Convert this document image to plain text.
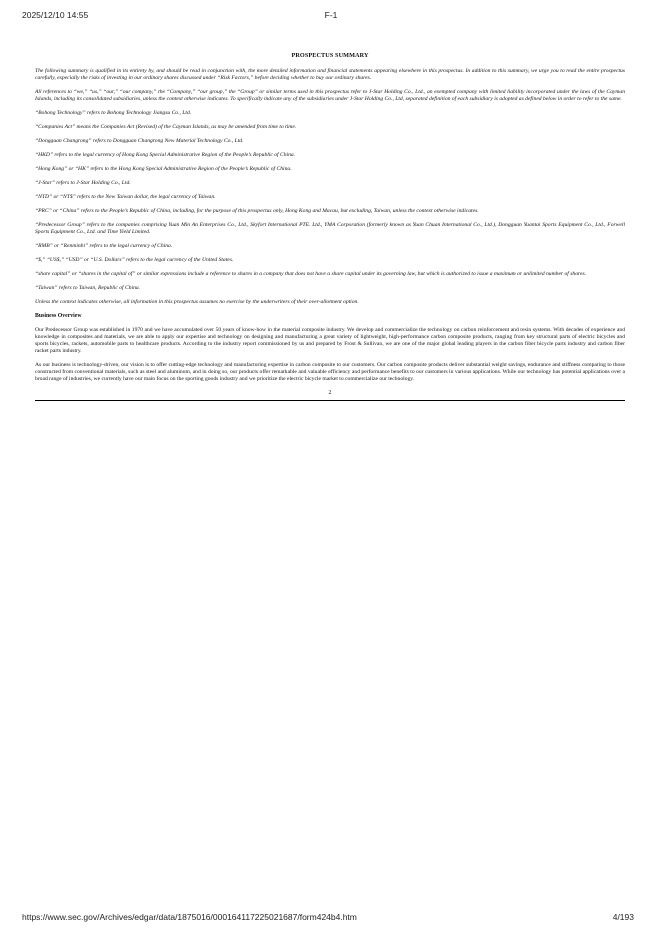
2025/12/10 14:55	F-1
PROSPECTUS SUMMARY

The following summary is qualified in its entirety by, and should be read in conjunction with, the more detailed information and financial statements appearing elsewhere in this prospectus. In addition to this summary, we urge you to read the entire prospectus carefully, especially the risks of investing in our ordinary shares discussed under “Risk Factors,” before deciding whether to buy our ordinary shares.

All references to “we,” “us,” “our,” “our company,” the “Company,” “our group,” the “Group” or similar terms used in this prospectus refer to J-Star Holding Co., Ltd., an exempted company with limited liability incorporated under the laws of the Cayman Islands, including its consolidated subsidiaries, unless the context otherwise indicates. To specifically indicate any of the subsidiaries under J-Star Holding Co., Ltd, separated definition of each subsidiary is adopted as defined below in order to refer to the same.

“Bohong Technology” refers to Bohong Technology Jiangsu Co., Ltd.

“Companies Act” means the Companies Act (Revised) of the Cayman Islands, as may be amended from time to time.

“Dongguan Changrong” refers to Dongguan Changrong New Material Technology Co., Ltd.

“HKD” refers to the legal currency of Hong Kong Special Administrative Region of the People’s Republic of China.

“Hong Kong” or “HK” refers to the Hong Kong Special Administrative Region of the People’s Republic of China.

“J-Star” refers to J-Star Holding Co., Ltd.

“NTD” or “NT$” refers to the New Taiwan dollar, the legal currency of Taiwan.

“PRC” or “China” refers to the People’s Republic of China, including, for the purpose of this prospectus only, Hong Kong and Macau, but excluding, Taiwan, unless the context otherwise indicates.

“Predecessor Group” refers to the companies comprising Yuan Min An Enterprises Co., Ltd., Skyfort International PTE. Ltd., YMA Corporation (formerly known as Yuan Chuan International Co., Ltd.), Dongguan Yuantai Sports Equipment Co., Ltd., Forwell Sports Equipment Co., Ltd. and Time Yield Limited.

“RMB” or “Renminbi” refers to the legal currency of China.

“$,” “US$,” “USD” or “U.S. Dollars” refers to the legal currency of the United States.

“share capital” or “shares in the capital of” or similar expressions include a reference to shares in a company that does not have a share capital under its governing law, but which is authorized to issue a maximum or unlimited number of shares.

“Taiwan” refers to Taiwan, Republic of China.

Unless the context indicates otherwise, all information in this prospectus assumes no exercise by the underwriters of their over-allotment option.

Business Overview

Our Predecessor Group was established in 1970 and we have accumulated over 50 years of know-how in the material composite industry. We develop and commercialize the technology on carbon reinforcement and resin systems. With decades of experience and knowledge in composites and materials, we are able to apply our expertise and technology on designing and manufacturing a great variety of lightweight, high-performance carbon composite products, ranging from key structural parts of electric bicycles and sports bicycles, rackets, automobile parts to healthcare products. According to the industry report commissioned by us and prepared by Frost & Sullivan, we are one of the major global leading players in the carbon fiber bicycle parts industry and carbon fiber racket parts industry.

As our business is technology-driven, our vision is to offer cutting-edge technology and manufacturing expertise in carbon composite to our customers. Our carbon composite products deliver substantial weight savings, endurance and stiffness comparing to those constructed from conventional materials, such as steel and aluminum, and in doing so, our products offer remarkable and valuable efficiency and performance benefits to our customers in various applications. While our technology has potential applications over a broad range of industries, we currently have our main focus on the sporting goods industry and we prioritize the electric bicycle market to commercialize our technology.

2
https://www.sec.gov/Archives/edgar/data/1875016/000164117225021687/form424b4.htm	4/193
